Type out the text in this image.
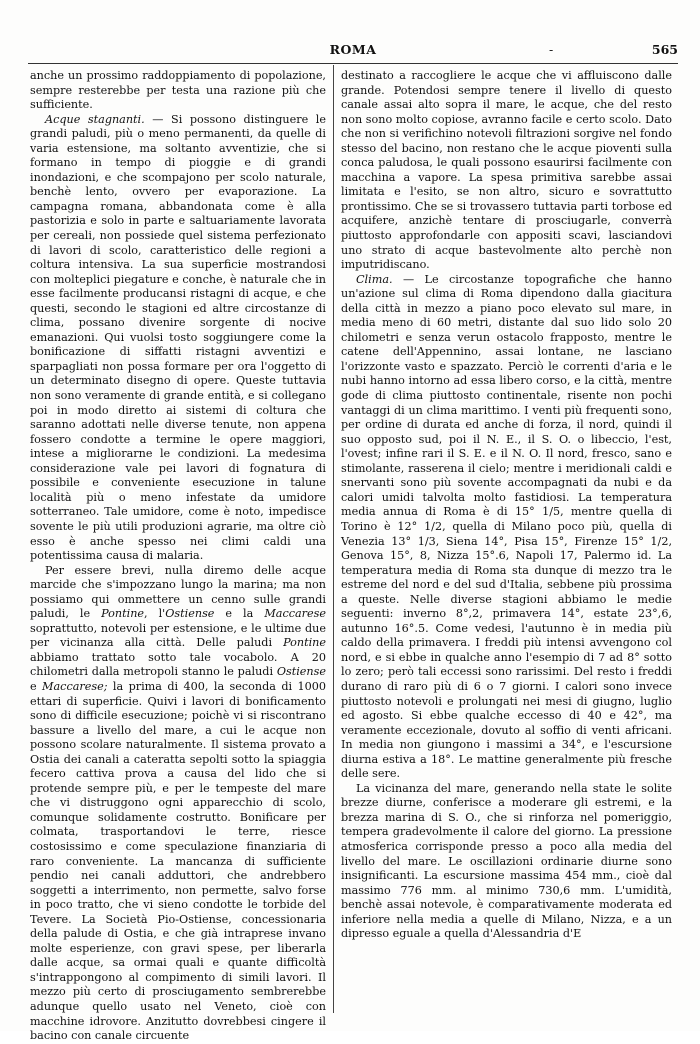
ROMA	-	565

anche un prossimo raddoppiamento di popolazione, sempre resterebbe per testa una razione più che sufficiente.

Acque stagnanti. — Si possono distinguere le grandi paludi, più o meno permanenti, da quelle di varia estensione, ma soltanto avventizie, che si formano in tempo di pioggie e di grandi inondazioni, e che scompajono per scolo naturale, benchè lento, ovvero per evaporazione. La campagna romana, abbandonata come è alla pastorizia e solo in parte e saltuariamente lavorata per cereali, non possiede quel sistema perfezionato di lavori di scolo, caratteristico delle regioni a coltura intensiva. La sua superficie mostrandosi con molteplici piegature e conche, è naturale che in esse facilmente producansi ristagni di acque, e che questi, secondo le stagioni ed altre circostanze di clima, possano divenire sorgente di nocive emanazioni. Qui vuolsi tosto soggiungere come la bonificazione di siffatti ristagni avventizi e sparpagliati non possa formare per ora l'oggetto di un determinato disegno di opere. Queste tuttavia non sono veramente di grande entità, e si collegano poi in modo diretto ai sistemi di coltura che saranno adottati nelle diverse tenute, non appena fossero condotte a termine le opere maggiori, intese a migliorarne le condizioni. La medesima considerazione vale pei lavori di fognatura di possibile e conveniente esecuzione in talune località più o meno infestate da umidore sotterraneo. Tale umidore, come è noto, impedisce sovente le più utili produzioni agrarie, ma oltre ciò esso è anche spesso nei climi caldi una potentissima causa di malaria.

Per essere brevi, nulla diremo delle acque marcide che s'impozzano lungo la marina; ma non possiamo qui ommettere un cenno sulle grandi paludi, le Pontine, l'Ostiense e la Maccarese soprattutto, notevoli per estensione, e le ultime due per vicinanza alla città. Delle paludi Pontine abbiamo trattato sotto tale vocabolo. A 20 chilometri dalla metropoli stanno le paludi Ostiense e Maccarese; la prima di 400, la seconda di 1000 ettari di superficie. Quivi i lavori di bonificamento sono di difficile esecuzione; poichè vi si riscontrano bassure a livello del mare, a cui le acque non possono scolare naturalmente. Il sistema provato a Ostia dei canali a cateratta sepolti sotto la spiaggia fecero cattiva prova a causa del lido che si protende sempre più, e per le tempeste del mare che vi distruggono ogni apparecchio di scolo, comunque solidamente costrutto. Bonificare per colmata, trasportandovi le terre, riesce costosissimo e come speculazione finanziaria di raro conveniente. La mancanza di sufficiente pendio nei canali adduttori, che andrebbero soggetti a interrimento, non permette, salvo forse in poco tratto, che vi sieno condotte le torbide del Tevere. La Società Pio-Ostiense, concessionaria della palude di Ostia, e che già intraprese invano molte esperienze, con gravi spese, per liberarla dalle acque, sa ormai quali e quante difficoltà s'intrappongono al compimento di simili lavori. Il mezzo più certo di prosciugamento sembrerebbe adunque quello usato nel Veneto, cioè con macchine idrovore. Anzitutto dovrebbesi cingere il bacino con canale circuente

destinato a raccogliere le acque che vi affluiscono dalle grande. Potendosi sempre tenere il livello di questo canale assai alto sopra il mare, le acque, che del resto non sono molto copiose, avranno facile e certo scolo. Dato che non si verifichino notevoli filtrazioni sorgive nel fondo stesso del bacino, non restano che le acque pioventi sulla conca paludosa, le quali possono esaurirsi facilmente con macchina a vapore. La spesa primitiva sarebbe assai limitata e l'esito, se non altro, sicuro e sovrattutto prontissimo. Che se si trovassero tuttavia parti torbose ed acquifere, anzichè tentare di prosciugarle, converrà piuttosto approfondarle con appositi scavi, lasciandovi uno strato di acque bastevolmente alto perchè non imputridiscano.

Clima. — Le circostanze topografiche che hanno un'azione sul clima di Roma dipendono dalla giacitura della città in mezzo a piano poco elevato sul mare, in media meno di 60 metri, distante dal suo lido solo 20 chilometri e senza verun ostacolo frapposto, mentre le catene dell'Appennino, assai lontane, ne lasciano l'orizzonte vasto e spazzato. Perciò le correnti d'aria e le nubi hanno intorno ad essa libero corso, e la città, mentre gode di clima piuttosto continentale, risente non pochi vantaggi di un clima marittimo. I venti più frequenti sono, per ordine di durata ed anche di forza, il nord, quindi il suo opposto sud, poi il N. E., il S. O. o libeccio, l'est, l'ovest; infine rari il S. E. e il N. O. Il nord, fresco, sano e stimolante, rasserena il cielo; mentre i meridionali caldi e snervanti sono più sovente accompagnati da nubi e da calori umidi talvolta molto fastidiosi. La temperatura media annua di Roma è di 15° 1/5, mentre quella di Torino è 12° 1/2, quella di Milano poco più, quella di Venezia 13° 1/3, Siena 14°, Pisa 15°, Firenze 15° 1/2, Genova 15°, 8, Nizza 15°.6, Napoli 17, Palermo id. La temperatura media di Roma sta dunque di mezzo tra le estreme del nord e del sud d'Italia, sebbene più prossima a queste. Nelle diverse stagioni abbiamo le medie seguenti: inverno 8°,2, primavera 14°, estate 23°,6, autunno 16°.5. Come vedesi, l'autunno è in media più caldo della primavera. I freddi più intensi avvengono col nord, e si ebbe in qualche anno l'esempio di 7 ad 8° sotto lo zero; però tali eccessi sono rarissimi. Del resto i freddi durano di raro più di 6 o 7 giorni. I calori sono invece piuttosto notevoli e prolungati nei mesi di giugno, luglio ed agosto. Si ebbe qualche eccesso di 40 e 42°, ma veramente eccezionale, dovuto al soffio di venti africani. In media non giungono i massimi a 34°, e l'escursione diurna estiva a 18°. Le mattine generalmente più fresche delle sere.

La vicinanza del mare, generando nella state le solite brezze diurne, conferisce a moderare gli estremi, e la brezza marina di S. O., che si rinforza nel pomeriggio, tempera gradevolmente il calore del giorno. La pressione atmosferica corrisponde presso a poco alla media del livello del mare. Le oscillazioni ordinarie diurne sono insignificanti. La escursione massima 454 mm., cioè dal massimo 776 mm. al minimo 730,6 mm. L'umidità, benchè assai notevole, è comparativamente moderata ed inferiore nella media a quelle di Milano, Nizza, e a un dipresso eguale a quella d'Alessandria d'E
